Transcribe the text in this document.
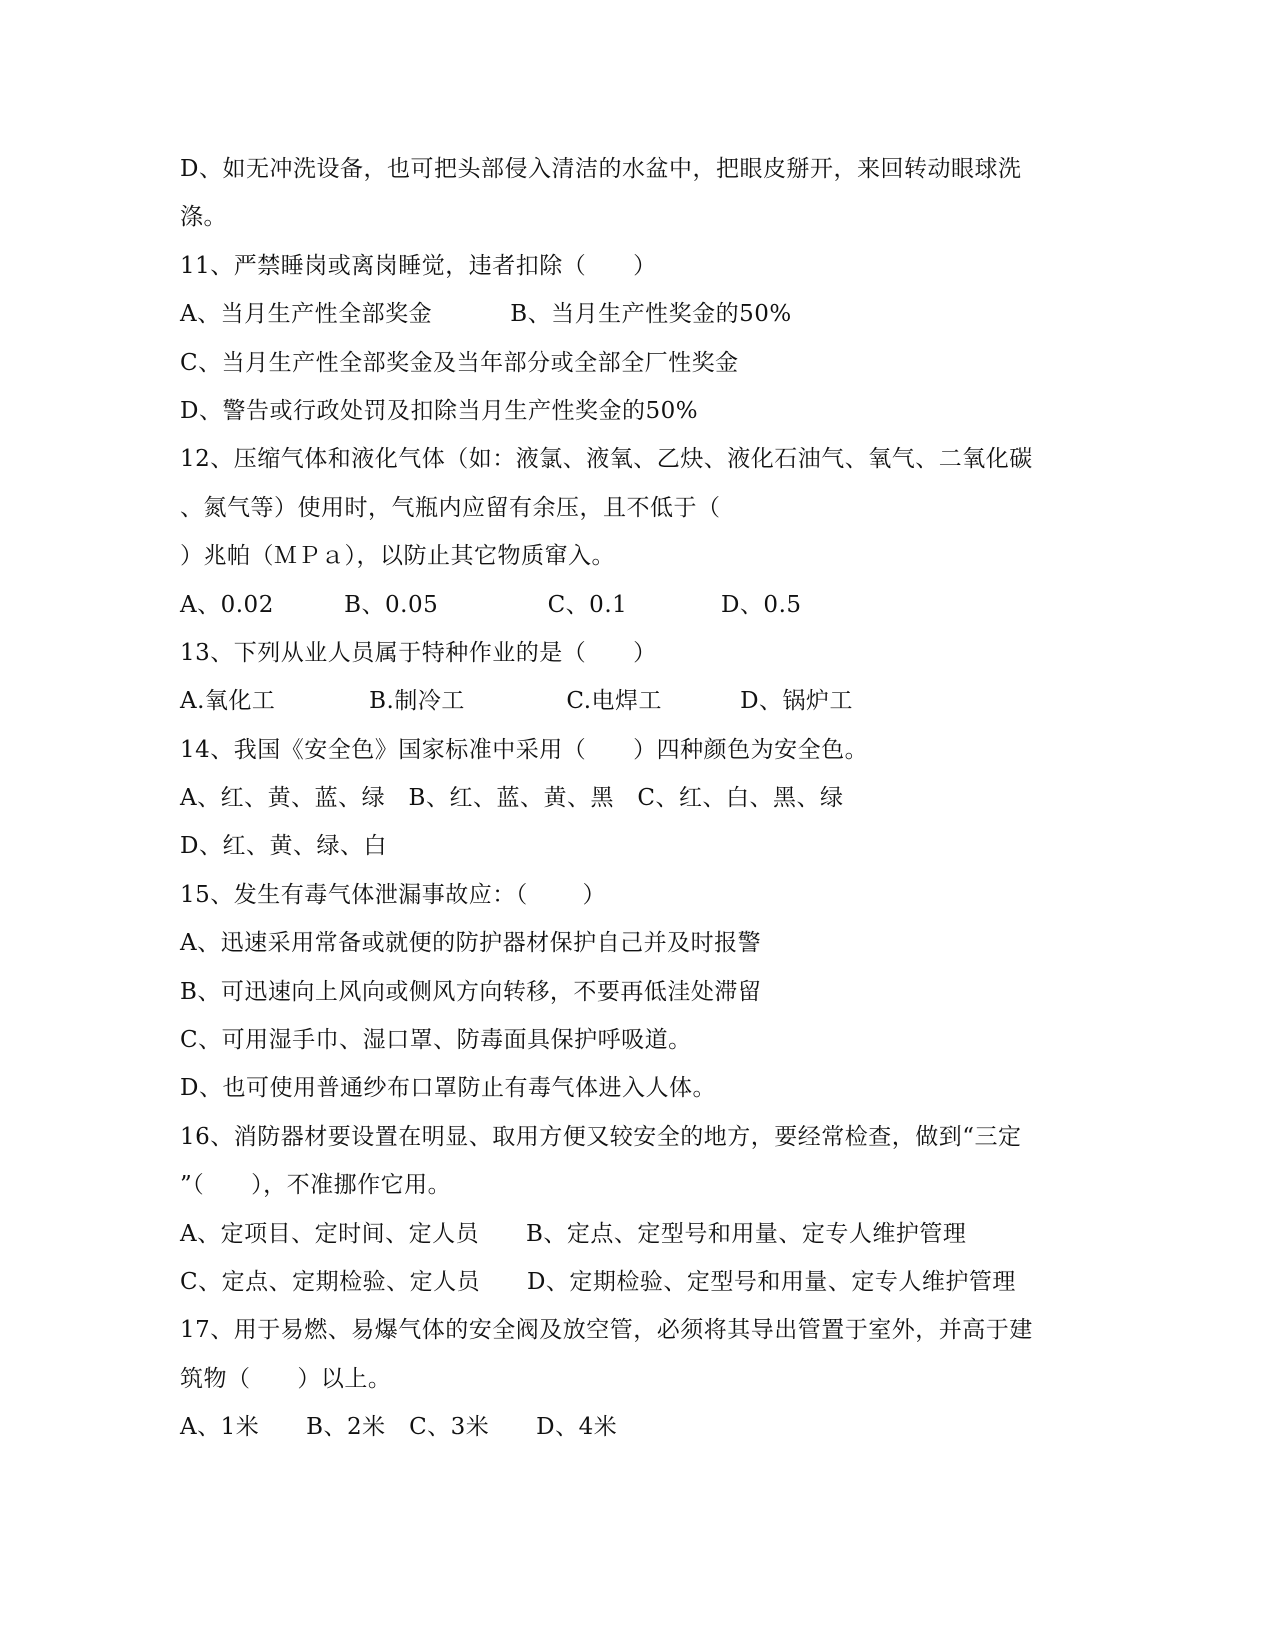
D、如无冲洗设备，也可把头部侵入清洁的水盆中，把眼皮掰开，来回转动眼球洗
涤。
11、严禁睡岗或离岗睡觉，违者扣除（      ）
A、当月生产性全部奖金          B、当月生产性奖金的50%
C、当月生产性全部奖金及当年部分或全部全厂性奖金
D、警告或行政处罚及扣除当月生产性奖金的50%
12、压缩气体和液化气体（如：液氯、液氧、乙炔、液化石油气、氧气、二氧化碳
、氮气等）使用时，气瓶内应留有余压，且不低于（
）兆帕（ＭＰａ），以防止其它物质窜入。
A、0.02         B、0.05              C、0.1            D、0.5
13、下列从业人员属于特种作业的是（      ）
A.氧化工            B.制冷工             C.电焊工          D、锅炉工
14、我国《安全色》国家标准中采用（      ）四种颜色为安全色。
A、红、黄、蓝、绿   B、红、蓝、黄、黑   C、红、白、黑、绿
D、红、黄、绿、白
15、发生有毒气体泄漏事故应：（       ）
A、迅速采用常备或就便的防护器材保护自己并及时报警
B、可迅速向上风向或侧风方向转移，不要再低洼处滞留
C、可用湿手巾、湿口罩、防毒面具保护呼吸道。
D、也可使用普通纱布口罩防止有毒气体进入人体。
16、消防器材要设置在明显、取用方便又较安全的地方，要经常检查，做到“三定
”（      ），不准挪作它用。
A、定项目、定时间、定人员      B、定点、定型号和用量、定专人维护管理
C、定点、定期检验、定人员      D、定期检验、定型号和用量、定专人维护管理
17、用于易燃、易爆气体的安全阀及放空管，必须将其导出管置于室外，并高于建
筑物（      ）以上。
A、1米      B、2米   C、3米      D、4米
